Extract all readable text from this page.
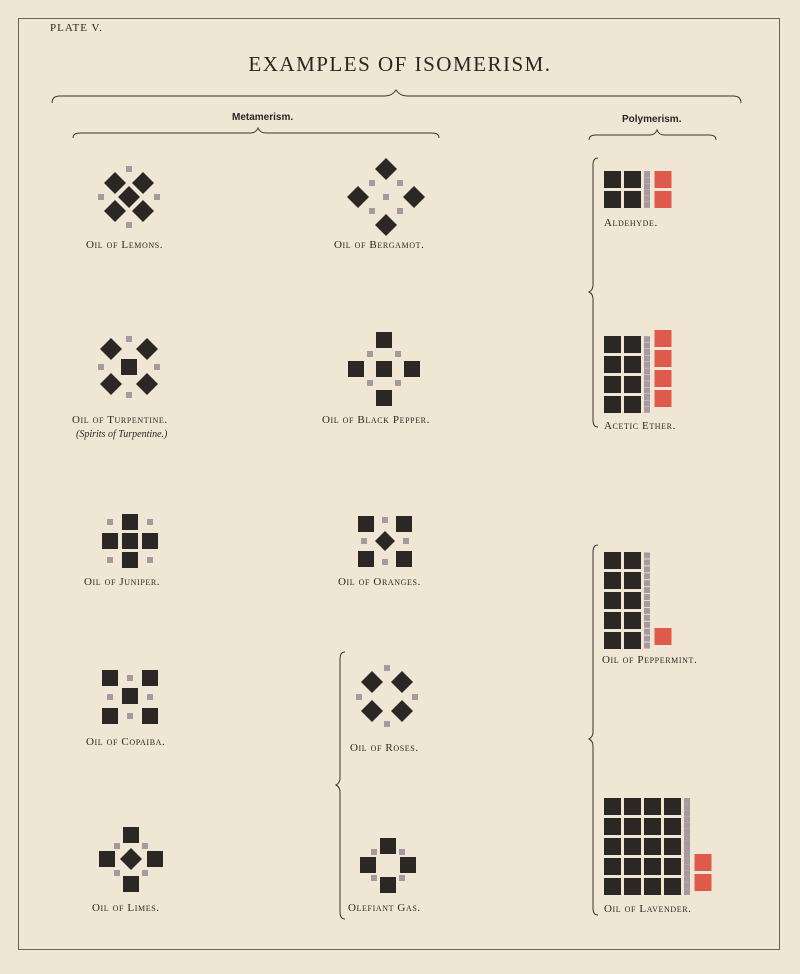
PLATE V.
EXAMPLES OF ISOMERISM.
Metamerism.	Polymerism.
Oil of Lemons.	Oil of Bergamot.
Oil of Turpentine.
(Spirits of Turpentine.)
Oil of Black Pepper.
Oil of Juniper.	Oil of Oranges.
Oil of Copaiba.	Oil of Roses.
Oil of Limes.	Olefiant Gas.
Aldehyde.
Acetic Ether.
Oil of Peppermint.
Oil of Lavender.
